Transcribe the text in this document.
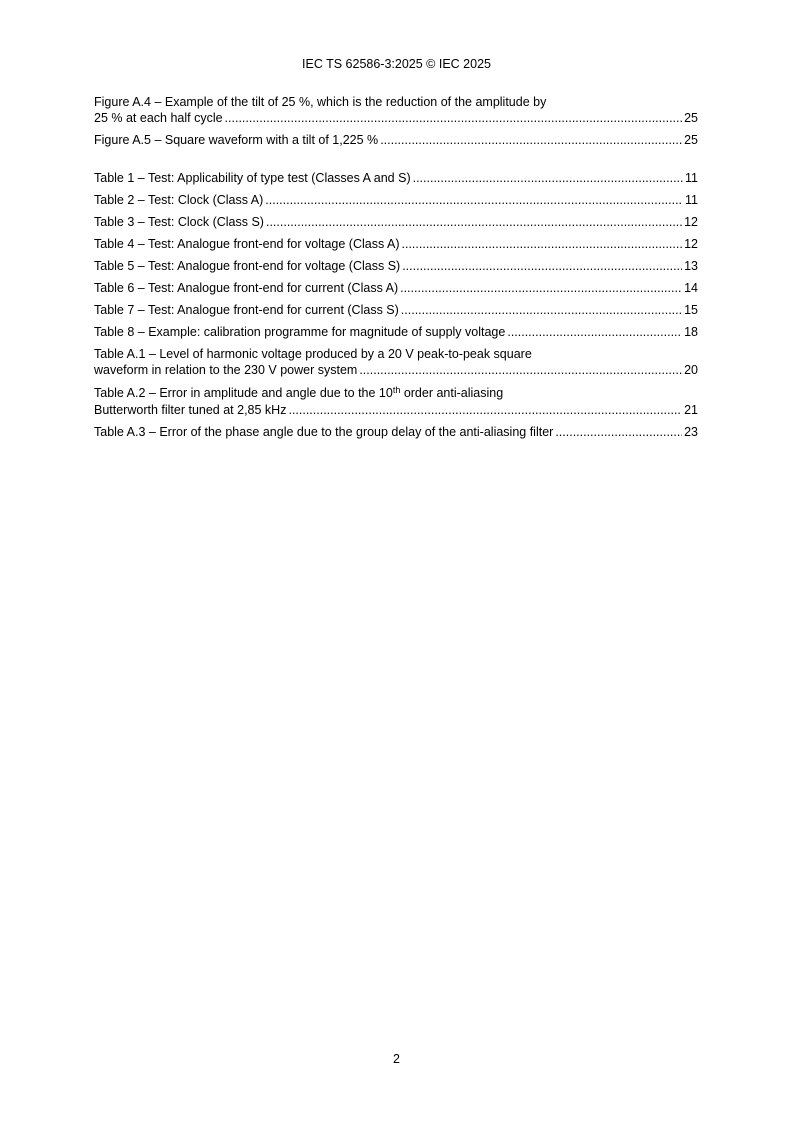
IEC TS 62586-3:2025 © IEC 2025
Figure A.4 – Example of the tilt of 25 %, which is the reduction of the amplitude by
25 % at each half cycle .....	25
Figure A.5 – Square waveform with a tilt of 1,225 % .....	25
Table 1 – Test: Applicability of type test (Classes A and S) .....	11
Table 2 – Test: Clock (Class A) .....	11
Table 3 – Test: Clock (Class S) .....	12
Table 4 – Test: Analogue front-end for voltage (Class A) .....	12
Table 5 – Test: Analogue front-end for voltage (Class S) .....	13
Table 6 – Test: Analogue front-end for current (Class A) .....	14
Table 7 – Test: Analogue front-end for current (Class S) .....	15
Table 8 – Example: calibration programme for magnitude of supply voltage .....	18
Table A.1 – Level of harmonic voltage produced by a 20 V peak-to-peak square
waveform in relation to the 230 V power system .....	20
Table A.2 – Error in amplitude and angle due to the 10th order anti-aliasing
Butterworth filter tuned at 2,85 kHz .....	21
Table A.3 – Error of the phase angle due to the group delay of the anti-aliasing filter .....	23
2
